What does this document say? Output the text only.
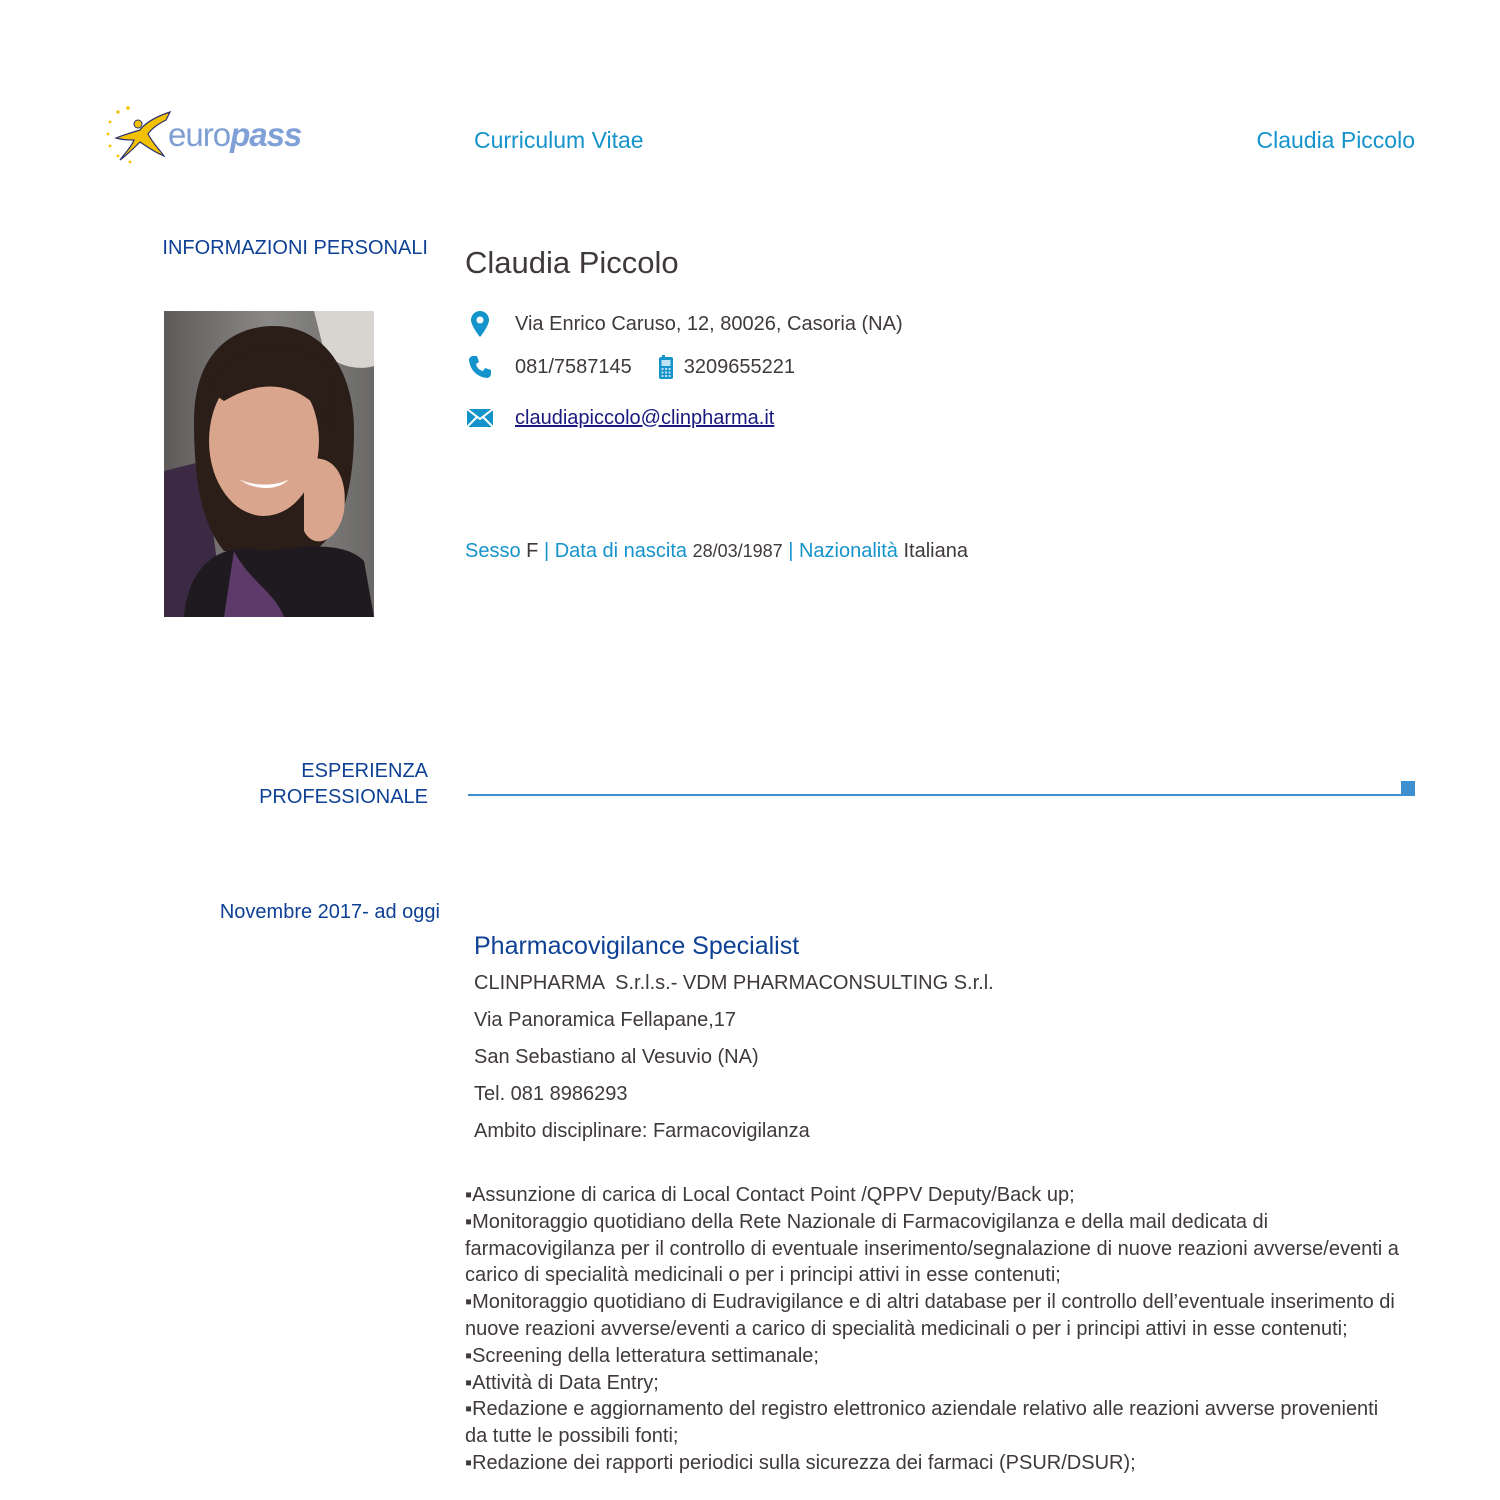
europass	Curriculum Vitae	Claudia Piccolo
INFORMAZIONI PERSONALI Claudia Piccolo
Via Enrico Caruso, 12, 80026, Casoria (NA)
081/7587145	3209655221
claudiapiccolo@clinpharma.it
Sesso F | Data di nascita 28/03/1987 | Nazionalità Italiana
ESPERIENZA
PROFESSIONALE
Novembre 2017- ad oggi
Pharmacovigilance Specialist
CLINPHARMA  S.r.l.s.- VDM PHARMACONSULTING S.r.l.
Via Panoramica Fellapane,17
San Sebastiano al Vesuvio (NA)
Tel. 081 8986293
Ambito disciplinare: Farmacovigilanza

▪Assunzione di carica di Local Contact Point /QPPV Deputy/Back up;

▪Monitoraggio quotidiano della Rete Nazionale di Farmacovigilanza e della mail dedicata di farmacovigilanza per il controllo di eventuale inserimento/segnalazione di nuove reazioni avverse/eventi a carico di specialità medicinali o per i principi attivi in esse contenuti;

▪Monitoraggio quotidiano di Eudravigilance e di altri database per il controllo dell’eventuale inserimento di nuove reazioni avverse/eventi a carico di specialità medicinali o per i principi attivi in esse contenuti;

▪Screening della letteratura settimanale;

▪Attività di Data Entry;

▪Redazione e aggiornamento del registro elettronico aziendale relativo alle reazioni avverse provenienti da tutte le possibili fonti;

▪Redazione dei rapporti periodici sulla sicurezza dei farmaci (PSUR/DSUR);
